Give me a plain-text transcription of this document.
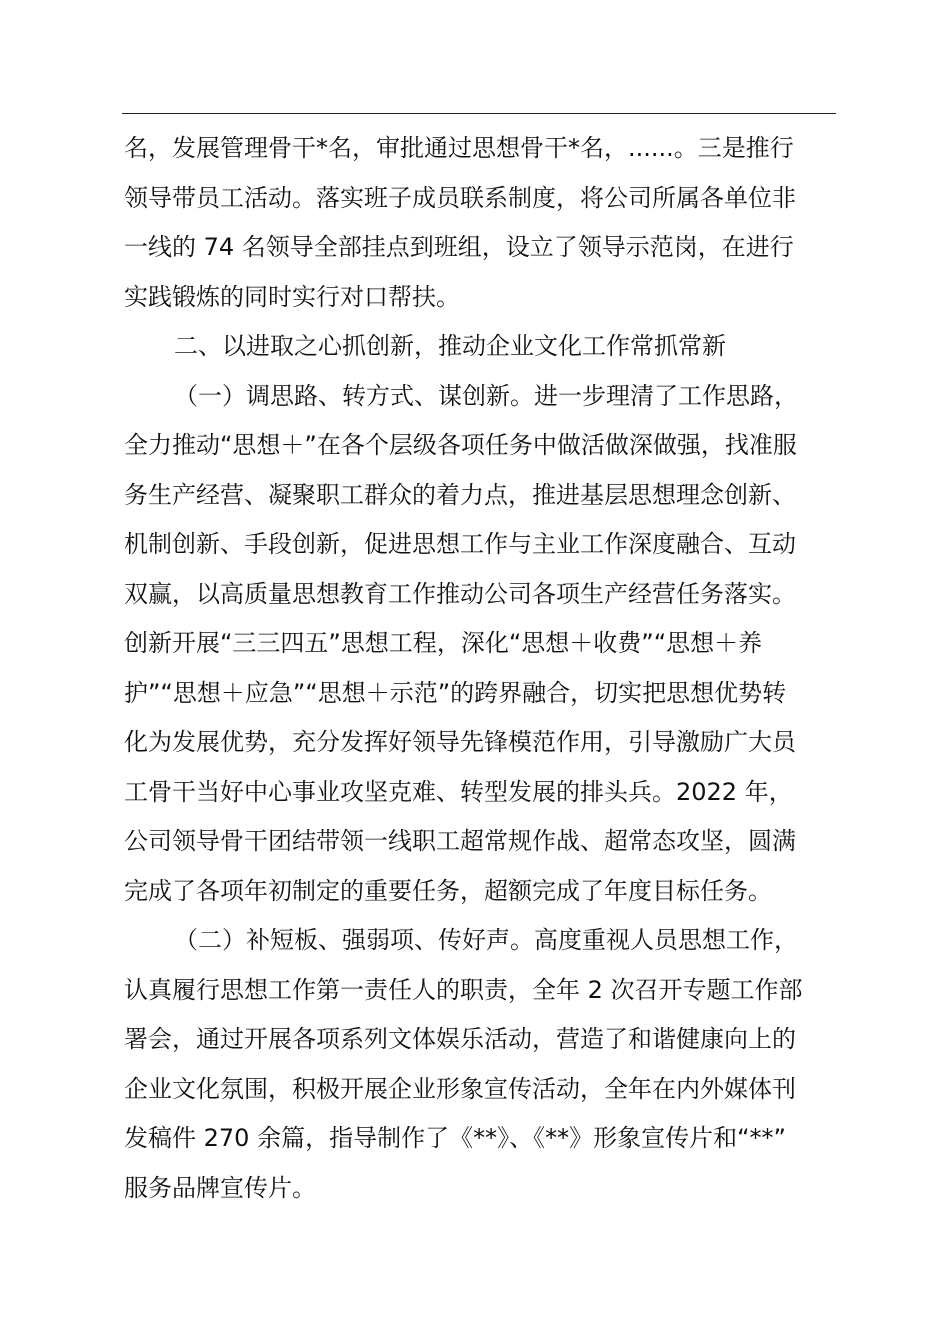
名，发展管理骨干*名，审批通过思想骨干*名，......。三是推行
领导带员工活动。落实班子成员联系制度，将公司所属各单位非
一线的 74 名领导全部挂点到班组，设立了领导示范岗，在进行
实践锻炼的同时实行对口帮扶。
二、以进取之心抓创新，推动企业文化工作常抓常新
（一）调思路、转方式、谋创新。进一步理清了工作思路，
全力推动“思想＋”在各个层级各项任务中做活做深做强，找准服
务生产经营、凝聚职工群众的着力点，推进基层思想理念创新、
机制创新、手段创新，促进思想工作与主业工作深度融合、互动
双赢，以高质量思想教育工作推动公司各项生产经营任务落实。
创新开展“三三四五”思想工程，深化“思想＋收费”“思想＋养
护”“思想＋应急”“思想＋示范”的跨界融合，切实把思想优势转
化为发展优势，充分发挥好领导先锋模范作用，引导激励广大员
工骨干当好中心事业攻坚克难、转型发展的排头兵。2022 年，
公司领导骨干团结带领一线职工超常规作战、超常态攻坚，圆满
完成了各项年初制定的重要任务，超额完成了年度目标任务。
（二）补短板、强弱项、传好声。高度重视人员思想工作，
认真履行思想工作第一责任人的职责，全年 2 次召开专题工作部
署会，通过开展各项系列文体娱乐活动，营造了和谐健康向上的
企业文化氛围，积极开展企业形象宣传活动，全年在内外媒体刊
发稿件 270 余篇，指导制作了《**》、《**》形象宣传片和“**”
服务品牌宣传片。
